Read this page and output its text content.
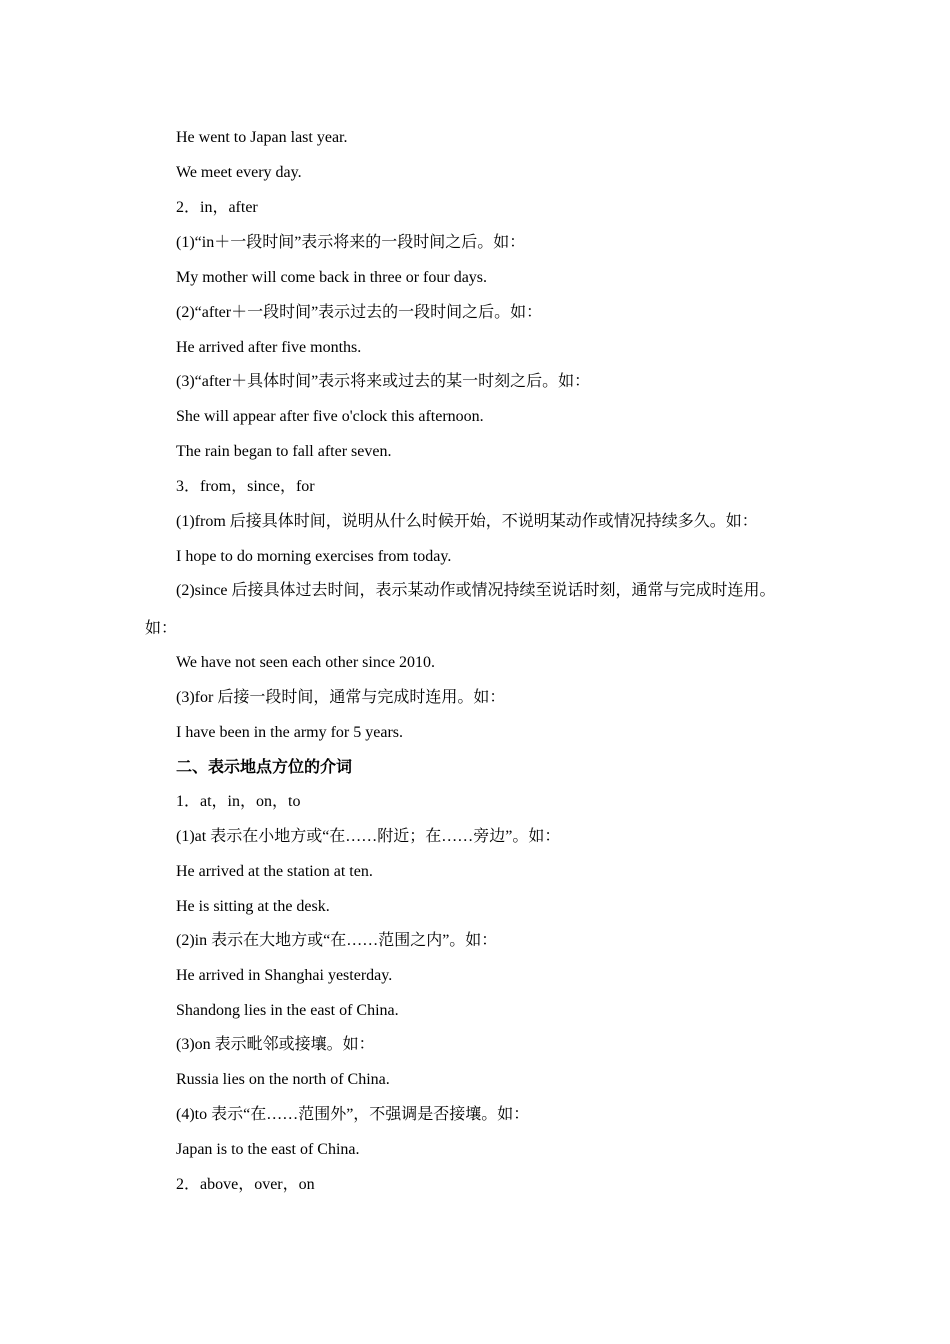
He went to Japan last year.
We meet every day.
2．in，after
(1)“in＋一段时间”表示将来的一段时间之后。如：
My mother will come back in three or four days.
(2)“after＋一段时间”表示过去的一段时间之后。如：
He arrived after five months.
(3)“after＋具体时间”表示将来或过去的某一时刻之后。如：
She will appear after five o'clock this afternoon.
The rain began to fall after seven.
3．from，since，for
(1)from 后接具体时间，说明从什么时候开始，不说明某动作或情况持续多久。如：
I hope to do morning exercises from today.
(2)since 后接具体过去时间，表示某动作或情况持续至说话时刻，通常与完成时连用。
如：
We have not seen each other since 2010.
(3)for 后接一段时间，通常与完成时连用。如：
I have been in the army for 5 years.
二、表示地点方位的介词
1．at，in，on，to
(1)at 表示在小地方或“在……附近；在……旁边”。如：
He arrived at the station at ten.
He is sitting at the desk.
(2)in 表示在大地方或“在……范围之内”。如：
He arrived in Shanghai yesterday.
Shandong lies in the east of China.
(3)on 表示毗邻或接壤。如：
Russia lies on the north of China.
(4)to 表示“在……范围外”，不强调是否接壤。如：
Japan is to the east of China.
2．above，over，on
